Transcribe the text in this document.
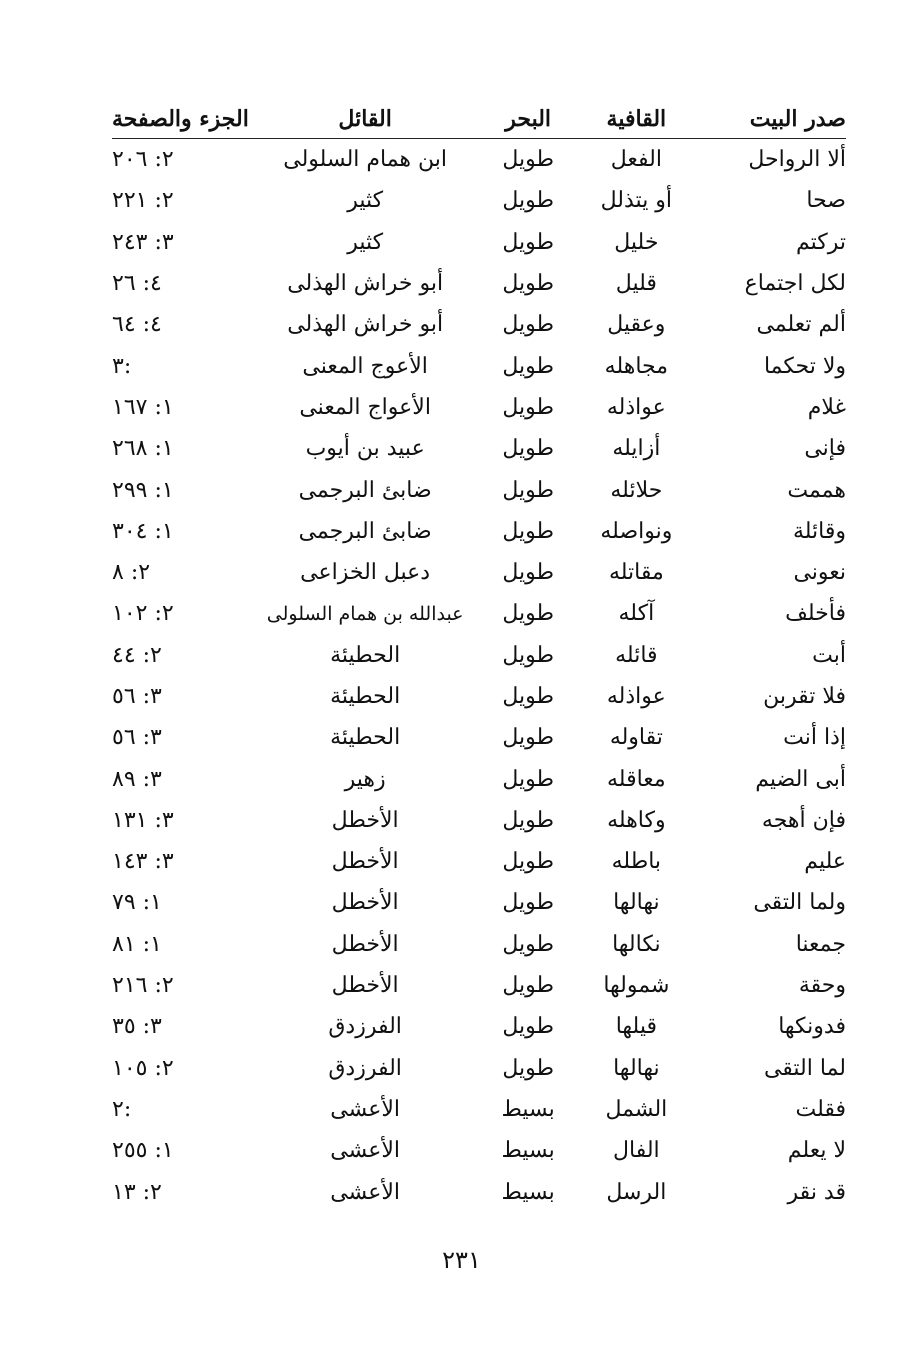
صدر البيت	القافية	البحر	القائل	الجزء والصفحة
ألا الرواحل	الفعل	طويل	ابن همام السلولى	٢: ٢٠٦
صحا	أو يتذلل	طويل	كثير	٢: ٢٢١
تركتم	خليل	طويل	كثير	٣: ٢٤٣
لكل اجتماع	قليل	طويل	أبو خراش الهذلى	٤: ٢٦
ألم تعلمى	وعقيل	طويل	أبو خراش الهذلى	٤: ٦٤
ولا تحكما	مجاهله	طويل	الأعوج المعنى	٣:
غلام	عواذله	طويل	الأعواج المعنى	١: ١٦٧
فإنى	أزايله	طويل	عبيد بن أيوب	١: ٢٦٨
هممت	حلائله	طويل	ضابئ البرجمى	١: ٢٩٩
وقائلة	ونواصله	طويل	ضابئ البرجمى	١: ٣٠٤
نعونى	مقاتله	طويل	دعبل الخزاعى	٢: ٨
فأخلف	آكله	طويل	عبدالله بن همام السلولى	٢: ١٠٢
أبت	قائله	طويل	الحطيئة	٢: ٤٤
فلا تقربن	عواذله	طويل	الحطيئة	٣: ٥٦
إذا أنت	تقاوله	طويل	الحطيئة	٣: ٥٦
أبى الضيم	معاقله	طويل	زهير	٣: ٨٩
فإن أهجه	وكاهله	طويل	الأخطل	٣: ١٣١
عليم	باطله	طويل	الأخطل	٣: ١٤٣
ولما التقى	نهالها	طويل	الأخطل	١: ٧٩
جمعنا	نكالها	طويل	الأخطل	١: ٨١
وحقة	شمولها	طويل	الأخطل	٢: ٢١٦
فدونكها	قيلها	طويل	الفرزدق	٣: ٣٥
لما التقى	نهالها	طويل	الفرزدق	٢: ١٠٥
فقلت	الشمل	بسيط	الأعشى	٢:
لا يعلم	الفال	بسيط	الأعشى	١: ٢٥٥
قد نقر	الرسل	بسيط	الأعشى	٢: ١٣
٢٣١
